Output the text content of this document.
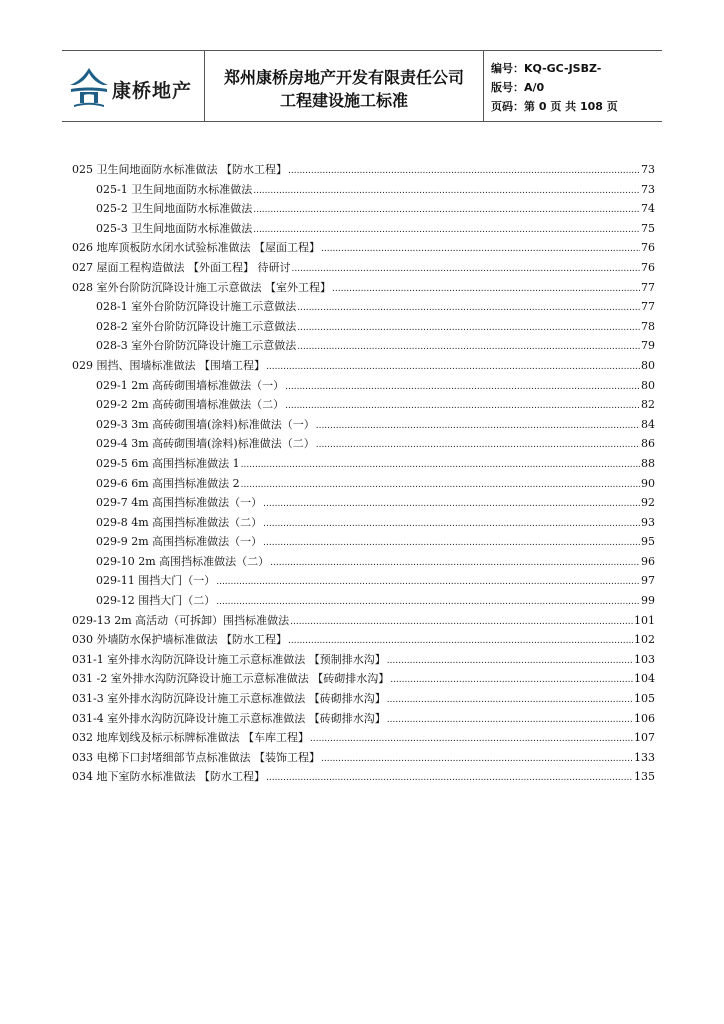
康桥地产
郑州康桥房地产开发有限责任公司
工程建设施工标准
编号：KQ-GC-JSBZ-
版号：A/0
页码：第 0 页 共 108 页
025 卫生间地面防水标准做法 【防水工程】 .....	73
025-1 卫生间地面防水标准做法 .....	73
025-2 卫生间地面防水标准做法 .....	74
025-3 卫生间地面防水标准做法 .....	75
026 地库顶板防水闭水试验标准做法 【屋面工程】 .....	76
027 屋面工程构造做法 【外面工程】 待研讨 .....	76
028 室外台阶防沉降设计施工示意做法 【室外工程】 .....	77
028-1 室外台阶防沉降设计施工示意做法 .....	77
028-2 室外台阶防沉降设计施工示意做法 .....	78
028-3 室外台阶防沉降设计施工示意做法 .....	79
029 围挡、围墙标准做法 【围墙工程】 .....	80
029-1 2m 高砖砌围墙标准做法（一） .....	80
029-2 2m 高砖砌围墙标准做法（二） .....	82
029-3 3m 高砖砌围墙(涂料)标准做法（一） .....	84
029-4 3m 高砖砌围墙(涂料)标准做法（二） .....	86
029-5 6m 高围挡标准做法 1 .....	88
029-6 6m 高围挡标准做法 2 .....	90
029-7 4m 高围挡标准做法（一） .....	92
029-8 4m 高围挡标准做法（二） .....	93
029-9 2m 高围挡标准做法（一） .....	95
029-10 2m 高围挡标准做法（二） .....	96
029-11 围挡大门（一） .....	97
029-12 围挡大门（二） .....	99
029-13 2m 高活动（可拆卸）围挡标准做法 .....	101
030 外墙防水保护墙标准做法 【防水工程】 .....	102
031-1 室外排水沟防沉降设计施工示意标准做法 【预制排水沟】 .....	103
031 -2 室外排水沟防沉降设计施工示意标准做法 【砖砌排水沟】 .....	104
031-3 室外排水沟防沉降设计施工示意标准做法 【砖砌排水沟】 .....	105
031-4 室外排水沟防沉降设计施工示意标准做法 【砖砌排水沟】 .....	106
032 地库划线及标示标牌标准做法 【车库工程】 .....	107
033 电梯下口封堵细部节点标准做法 【装饰工程】 .....	133
034 地下室防水标准做法 【防水工程】 .....	135
